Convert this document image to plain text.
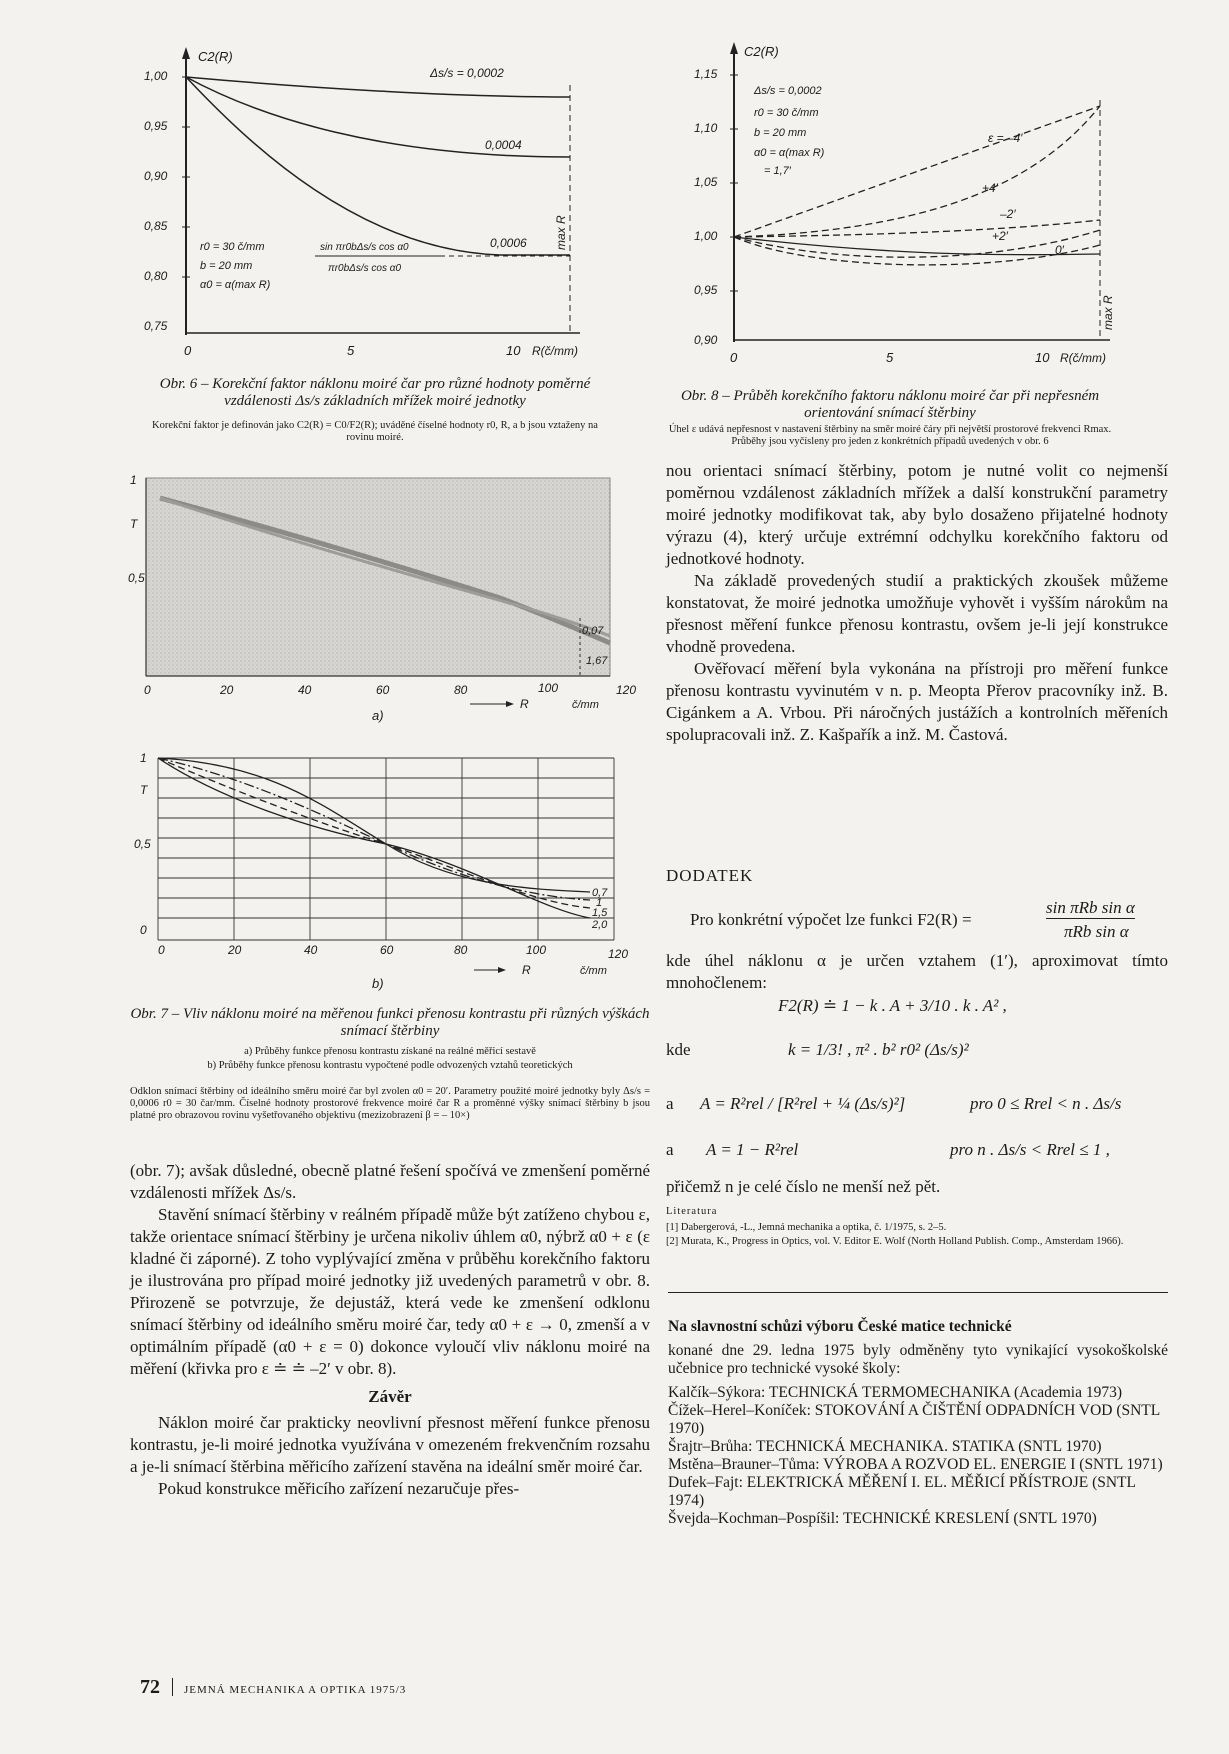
C2(R)
1,00
0,95
0,90
0,85
0,80
0,75
0	5	10 R(č/mm)
max R
Δs/s = 0,0002
0,0004
0,0006
r0 = 30 č/mm
b = 20 mm
α0 = α(max R)
sin πr0bΔs/s cos α0
πr0bΔs/s cos α0
Obr. 6 – Korekční faktor náklonu moiré čar pro různé hodnoty poměrné vzdálenosti Δs/s základních mřížek moiré jednotky
Korekční faktor je definován jako C2(R) = C0/F2(R); uváděné číselné hodnoty r0, R, a b jsou vztaženy na rovinu moiré.
C2(R)
1,15
1,10
1,05
1,00
0,95
0,90
0	5	10 R(č/mm)
max R
Δs/s = 0,0002
r0 = 30 č/mm
b = 20 mm
α0 = α(max R)
= 1,7′
ε = –4′
+4′
–2′
+2′
0′
Obr. 8 – Průběh korekčního faktoru náklonu moiré čar při nepřesném orientování snímací štěrbiny
Úhel ε udává nepřesnost v nastavení štěrbiny na směr moiré čáry při největší prostorové frekvenci Rmax. Průběhy jsou vyčísleny pro jeden z konkrétních případů uvedených v obr. 6
1
T
0,5
0,07
1,67
0	20	40	60	80	100	120
R	č/mm
a)
1
T
0,5
0
0,7
1
1,5
2,0
0	20	40	60	80	100	120
R	č/mm
b)
Obr. 7 – Vliv náklonu moiré na měřenou funkci přenosu kontrastu při různých výškách snímací štěrbiny
a) Průběhy funkce přenosu kontrastu získané na reálné měřicí sestavě
b) Průběhy funkce přenosu kontrastu vypočtené podle odvozených vztahů teoretických
Odklon snímací štěrbiny od ideálního směru moiré čar byl zvolen α0 = 20′. Parametry použité moiré jednotky byly Δs/s = 0,0006 r0 = 30 čar/mm. Číselné hodnoty prostorové frekvence moiré čar R a proměnné výšky snímací štěrbiny b jsou platné pro obrazovou rovinu vyšetřovaného objektivu (mezizobrazení β = – 10×)

(obr. 7); avšak důsledné, obecně platné řešení spočívá ve zmenšení poměrné vzdálenosti mřížek Δs/s.

Stavění snímací štěrbiny v reálném případě může být zatíženo chybou ε, takže orientace snímací štěrbiny je určena nikoliv úhlem α0, nýbrž α0 + ε (ε kladné či záporné). Z toho vyplývající změna v průběhu korekčního faktoru je ilustrována pro případ moiré jednotky již uvedených parametrů v obr. 8. Přirozeně se potvrzuje, že dejustáž, která vede ke zmenšení odklonu snímací štěrbiny od ideálního směru moiré čar, tedy α0 + ε → 0, zmenší a v optimálním případě (α0 + ε = 0) dokonce vyloučí vliv náklonu moiré na měření (křivka pro ε ≐ ≐ –2′ v obr. 8).

Závěr

Náklon moiré čar prakticky neovlivní přesnost měření funkce přenosu kontrastu, je-li moiré jednotka využívána v omezeném frekvenčním rozsahu a je-li snímací štěrbina měřicího zařízení stavěna na ideální směr moiré čar.

Pokud konstrukce měřicího zařízení nezaručuje přes-

nou orientaci snímací štěrbiny, potom je nutné volit co nejmenší poměrnou vzdálenost základních mřížek a další konstrukční parametry moiré jednotky modifikovat tak, aby bylo dosaženo přijatelné hodnoty výrazu (4), který určuje extrémní odchylku korekčního faktoru od jednotkové hodnoty.

Na základě provedených studií a praktických zkoušek můžeme konstatovat, že moiré jednotka umožňuje vyhovět i vyšším nárokům na přesnost měření funkce přenosu kontrastu, ovšem je-li její konstrukce vhodně provedena.

Ověřovací měření byla vykonána na přístroji pro měření funkce přenosu kontrastu vyvinutém v n. p. Meopta Přerov pracovníky inž. B. Cigánkem a A. Vrbou. Při náročných justážích a kontrolních měřeních spolupracovali inž. Z. Kašpařík a inž. M. Častová.

DODATEK
Pro konkrétní výpočet lze funkci F2(R) =
sin πRb sin α
πRb sin α
kde úhel náklonu α je určen vztahem (1′), aproximovat tímto mnohočlenem:
F2(R) ≐ 1 − k . A + 3/10 . k . A² ,
kde	k = 1/3! , π² . b² r0² (Δs/s)²
a A = R²rel / [R²rel + ¼ (Δs/s)²]	pro 0 ≤ Rrel < n . Δs/s
a A = 1 − R²rel	pro n . Δs/s < Rrel ≤ 1 ,
přičemž n je celé číslo ne menší než pět.
Literatura
[1] Dabergerová, -L., Jemná mechanika a optika, č. 1/1975, s. 2–5.
[2] Murata, K., Progress in Optics, vol. V. Editor E. Wolf (North Holland Publish. Comp., Amsterdam 1966).
Na slavnostní schůzi výboru České matice technické
konané dne 29. ledna 1975 byly odměněny tyto vynikající vysokoškolské učebnice pro technické vysoké školy:
Kalčík–Sýkora: TECHNICKÁ TERMOMECHANIKA (Academia 1973)
Čížek–Herel–Koníček: STOKOVÁNÍ A ČIŠTĚNÍ ODPADNÍCH VOD (SNTL 1970)
Šrajtr–Brůha: TECHNICKÁ MECHANIKA. STATIKA (SNTL 1970)
Mstěna–Brauner–Tůma: VÝROBA A ROZVOD EL. ENERGIE I (SNTL 1971)
Dufek–Fajt: ELEKTRICKÁ MĚŘENÍ I. EL. MĚŘICÍ PŘÍSTROJE (SNTL 1974)
Švejda–Kochman–Pospíšil: TECHNICKÉ KRESLENÍ (SNTL 1970)
72 JEMNÁ MECHANIKA A OPTIKA 1975/3
